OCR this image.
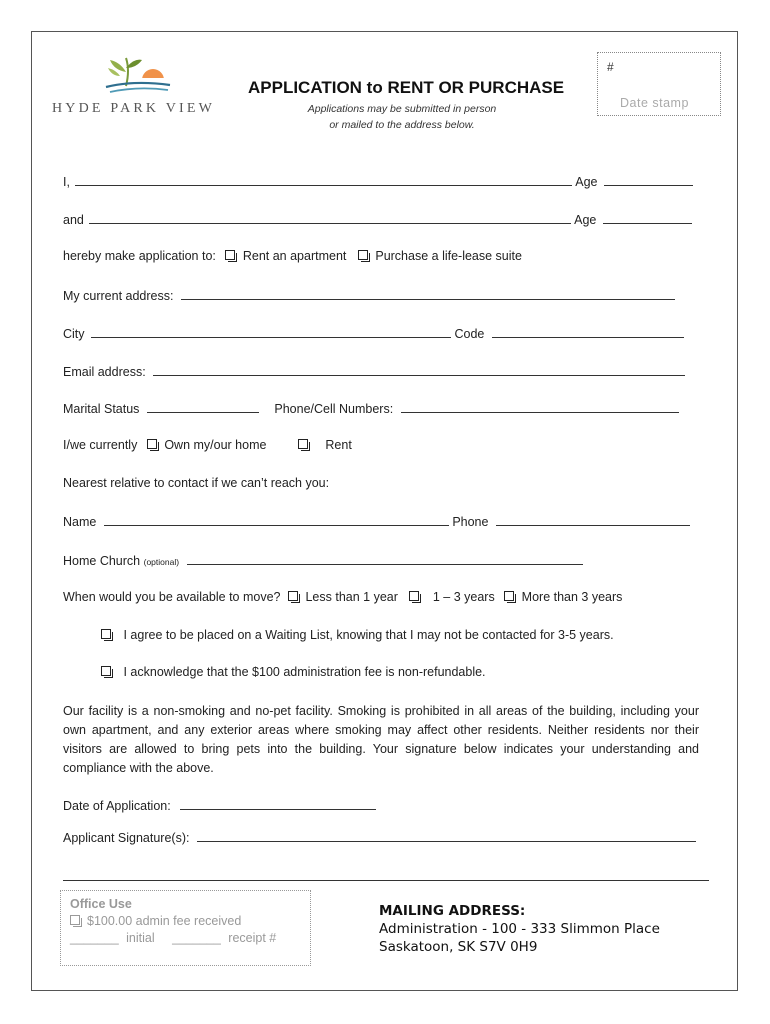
HYDE PARK VIEW
APPLICATION to RENT OR PURCHASE
Applications may be submitted in person
or mailed to the address below.
#
Date stamp
I,	Age
and	Age
hereby make application to: Rent an apartment Purchase a life-lease suite
My current address:
City	Code
Email address:
Marital Status	Phone/Cell Numbers:
I/we currently Own my/our home	Rent
Nearest relative to contact if we can’t reach you:
Name	Phone
Home Church (optional)
When would you be available to move? Less than 1 year	1 – 3 years More than 3 years
I agree to be placed on a Waiting List, knowing that I may not be contacted for 3-5 years.
I acknowledge that the $100 administration fee is non-refundable.
Our facility is a non-smoking and no-pet facility. Smoking is prohibited in all areas of the building, including your own apartment, and any exterior areas where smoking may affect other residents. Neither residents nor their visitors are allowed to bring pets into the building. Your signature below indicates your understanding and compliance with the above.
Date of Application:
Applicant Signature(s):
Office Use
$100.00 admin fee received
_______ initial _______ receipt #
MAILING ADDRESS:
Administration - 100 - 333 Slimmon Place
Saskatoon, SK S7V 0H9
